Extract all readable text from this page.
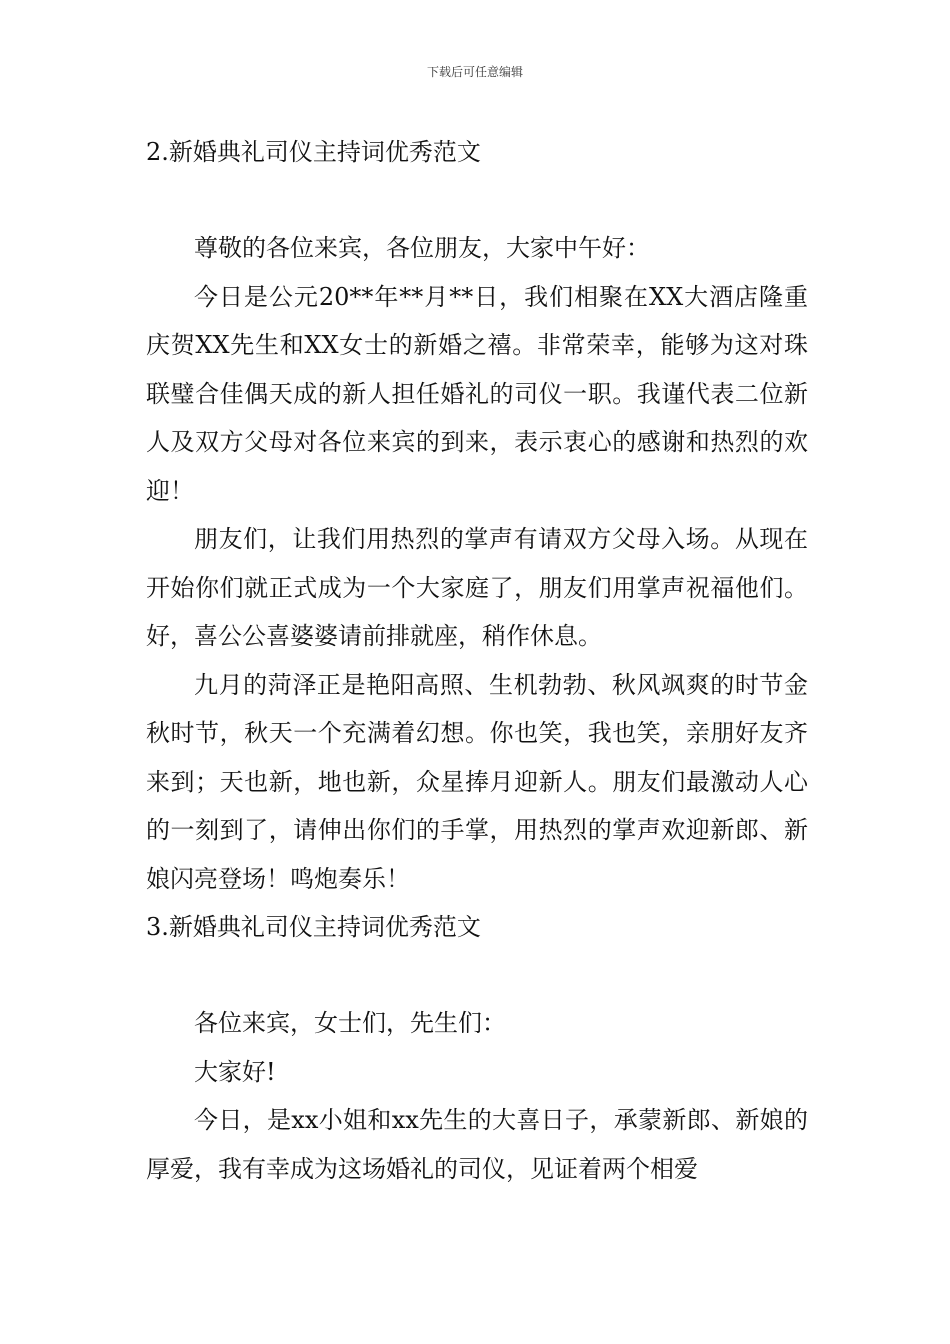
下载后可任意编辑
2.新婚典礼司仪主持词优秀范文

尊敬的各位来宾，各位朋友，大家中午好：

今日是公元20**年**月**日，我们相聚在XX大酒店隆重庆贺XX先生和XX女士的新婚之禧。非常荣幸，能够为这对珠联璧合佳偶天成的新人担任婚礼的司仪一职。我谨代表二位新人及双方父母对各位来宾的到来，表示衷心的感谢和热烈的欢迎！

朋友们，让我们用热烈的掌声有请双方父母入场。从现在开始你们就正式成为一个大家庭了，朋友们用掌声祝福他们。好，喜公公喜婆婆请前排就座，稍作休息。

九月的菏泽正是艳阳高照、生机勃勃、秋风飒爽的时节金秋时节，秋天一个充满着幻想。你也笑，我也笑，亲朋好友齐来到；天也新，地也新，众星捧月迎新人。朋友们最激动人心的一刻到了，请伸出你们的手掌，用热烈的掌声欢迎新郎、新娘闪亮登场！鸣炮奏乐！

3.新婚典礼司仪主持词优秀范文

各位来宾，女士们，先生们：

大家好!

今日，是xx小姐和xx先生的大喜日子，承蒙新郎、新娘的厚爱，我有幸成为这场婚礼的司仪，见证着两个相爱
